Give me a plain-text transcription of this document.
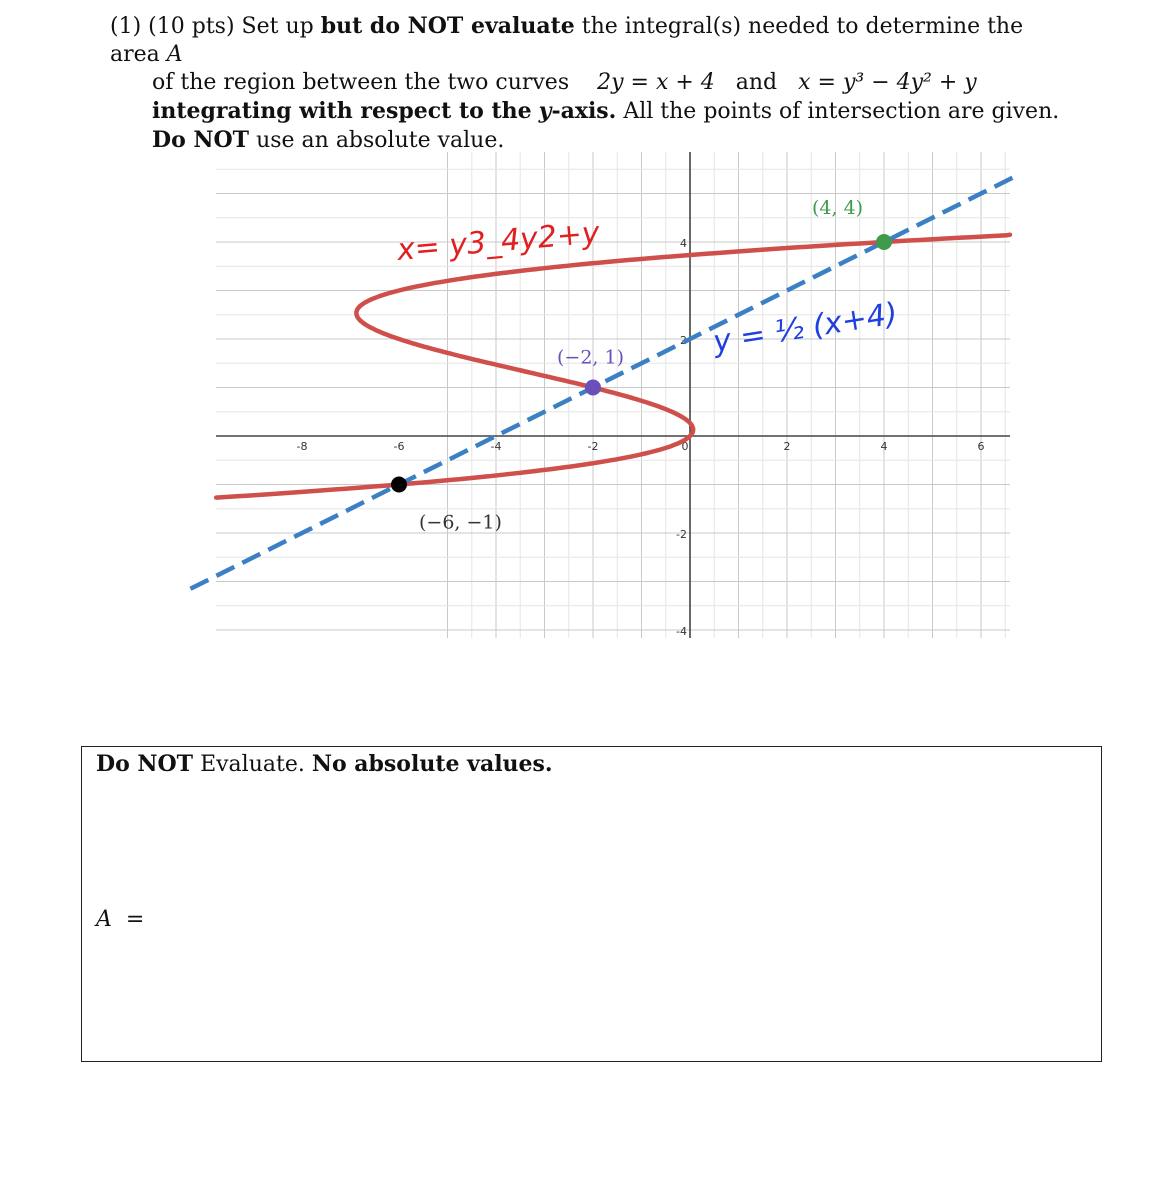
(1) (10 pts) Set up but do NOT evaluate the integral(s) needed to determine the area A
of the region between the two curves 2y = x + 4 and x = y³ − 4y² + y   integrating with respect to the y-axis. All the points of intersection are given. Do NOT use an absolute value.
-8	-6	-4	-2	0	2	4	6
4
2
-2
-4
(4, 4)
(−2, 1)
(−6, −1)
x= y3_4y2+y
y = ½ (x+4)
Do NOT Evaluate. No absolute values.
A =
